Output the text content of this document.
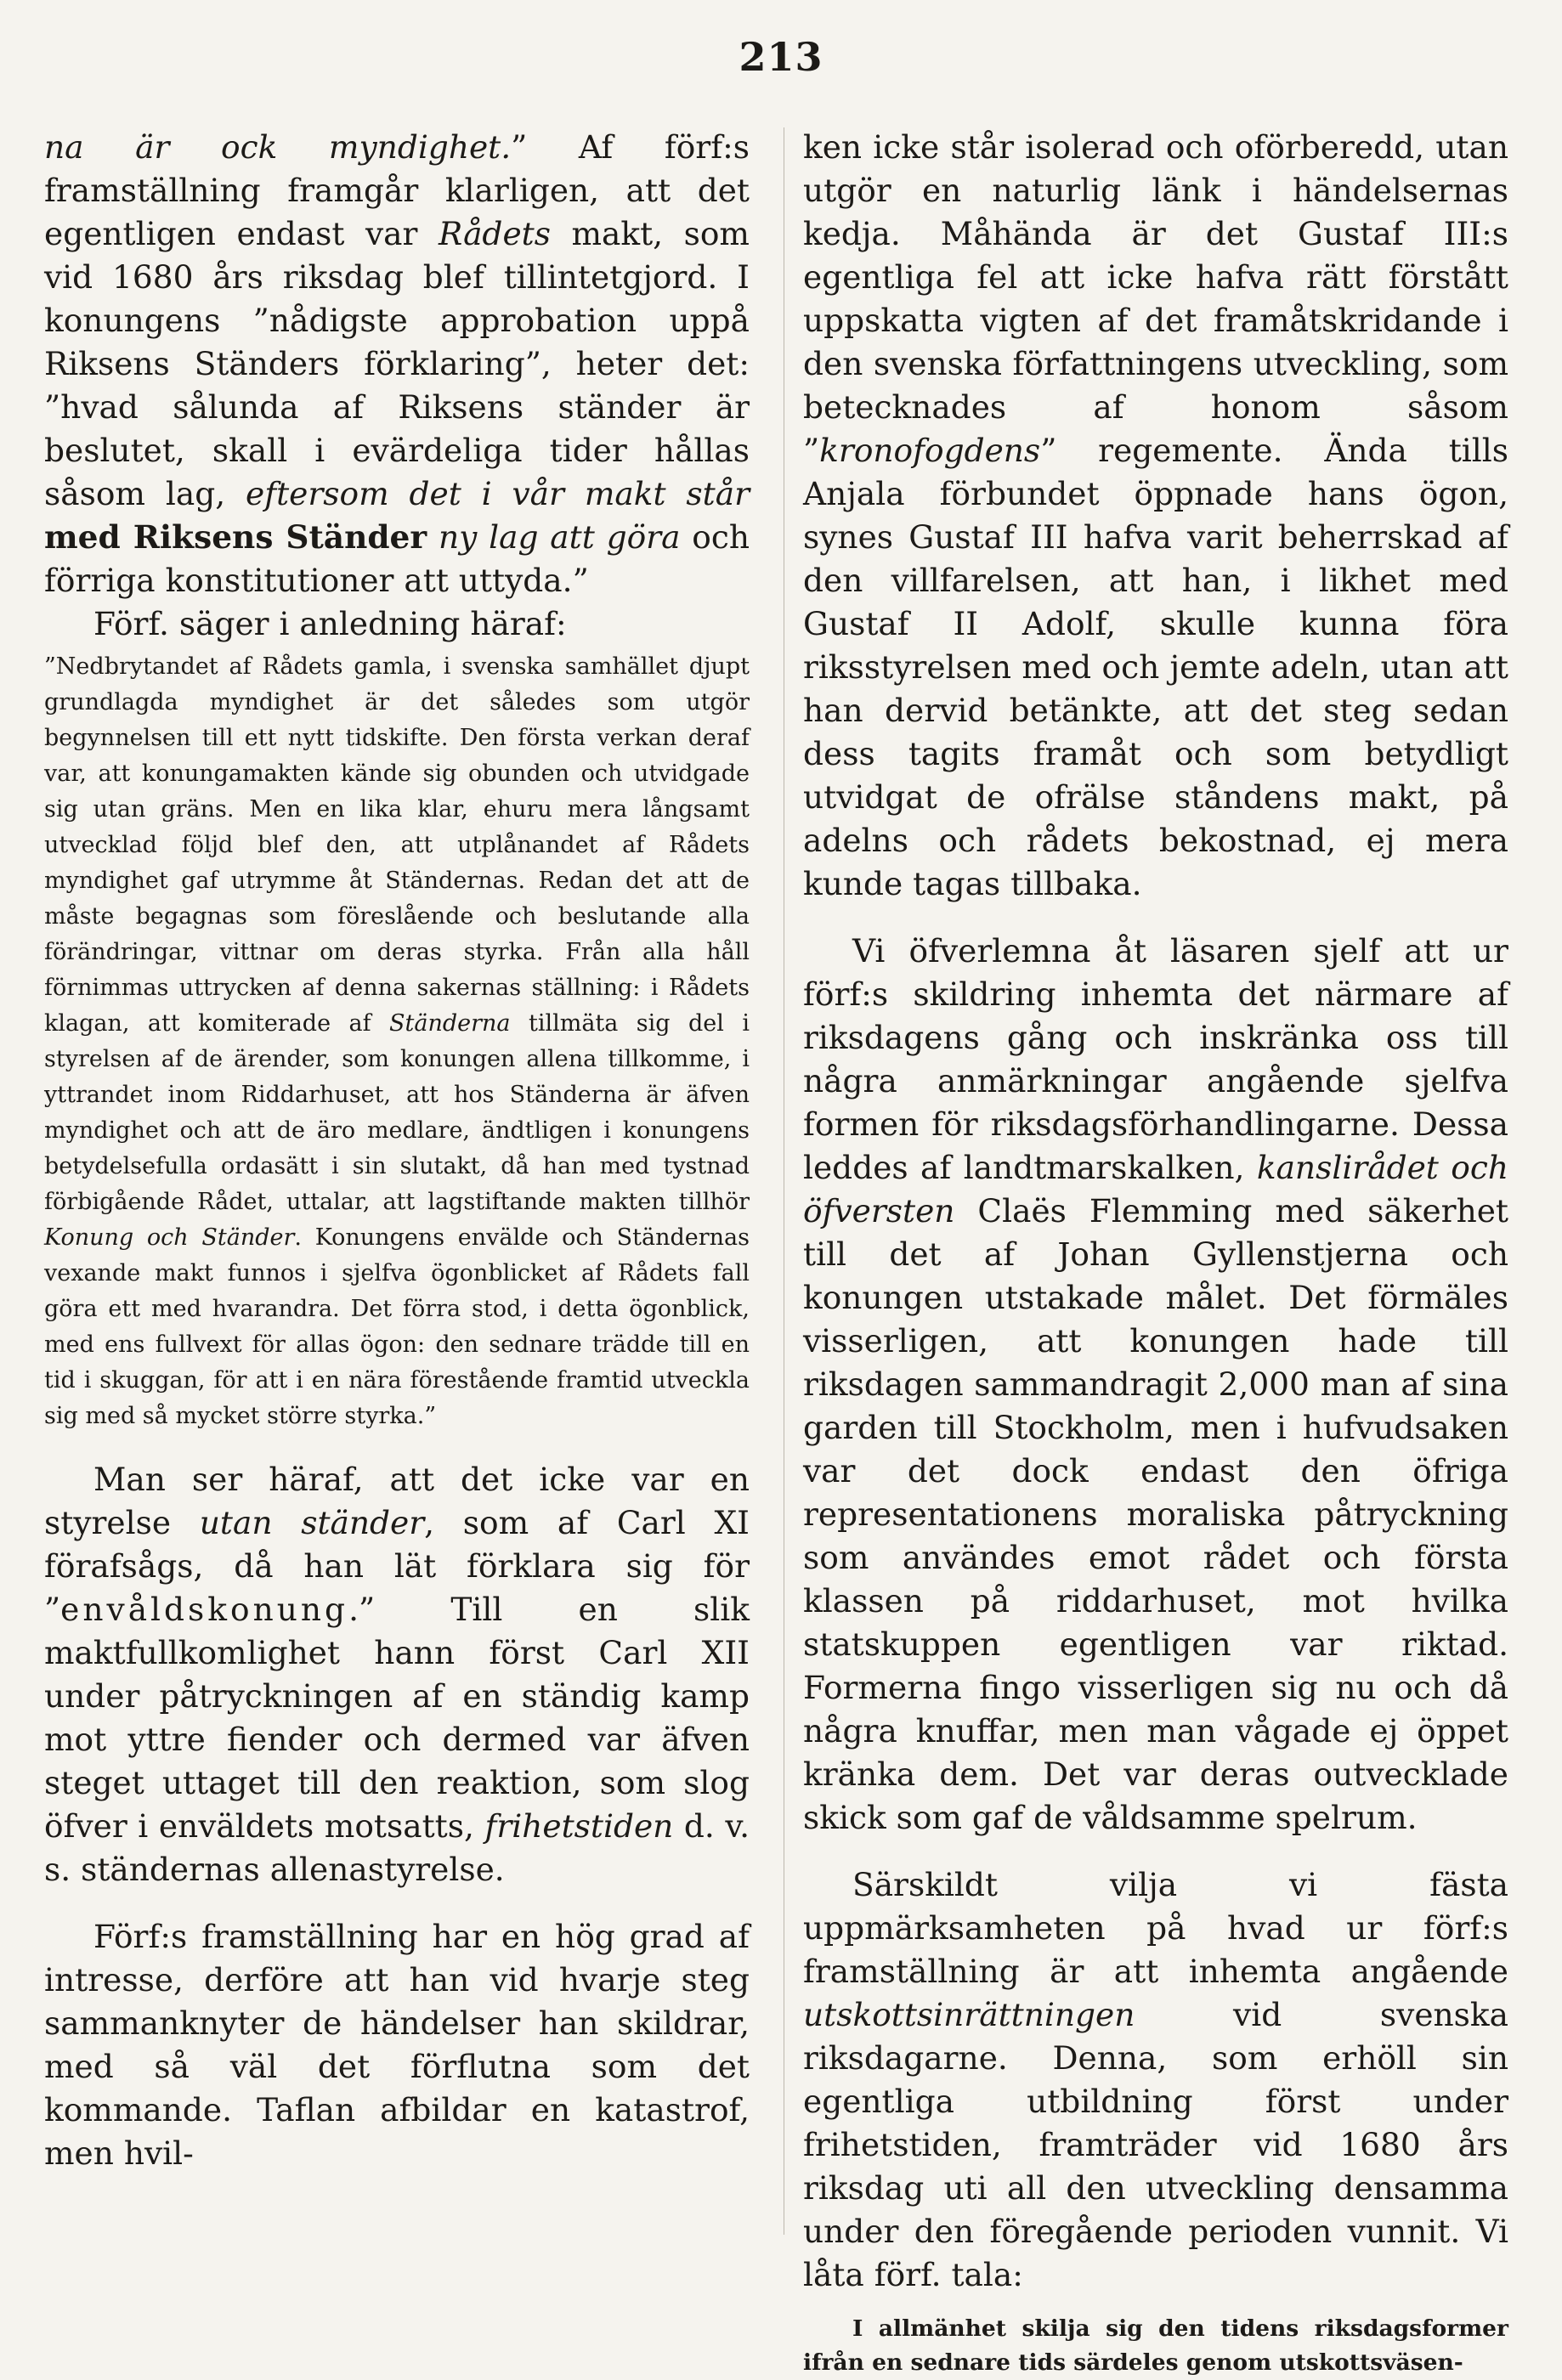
213

na är ock myndighet.” Af förf:s framställning framgår klarligen, att det egentligen endast var Rådets makt, som vid 1680 års riksdag blef tillintetgjord. I konungens ”nådigste approbation uppå Riksens Ständers förklaring”, heter det: ”hvad sålunda af Riksens ständer är beslutet, skall i evärdeliga tider hållas såsom lag, eftersom det i vår makt står med Riksens Ständer ny lag att göra och förriga konstitutioner att uttyda.”

Förf. säger i anledning häraf:

”Nedbrytandet af Rådets gamla, i svenska samhället djupt grundlagda myndighet är det således som utgör begynnelsen till ett nytt tidskifte. Den första verkan deraf var, att konungamakten kände sig obunden och utvidgade sig utan gräns. Men en lika klar, ehuru mera långsamt utvecklad följd blef den, att utplånandet af Rådets myndighet gaf utrymme åt Ständernas. Redan det att de måste begagnas som föreslående och beslutande alla förändringar, vittnar om deras styrka. Från alla håll förnimmas uttrycken af denna sakernas ställning: i Rådets klagan, att komiterade af Ständerna tillmäta sig del i styrelsen af de ärender, som konungen allena tillkomme, i yttrandet inom Riddarhuset, att hos Ständerna är äfven myndighet och att de äro medlare, ändtligen i konungens betydelsefulla ordasätt i sin slutakt, då han med tystnad förbigående Rådet, uttalar, att lagstiftande makten tillhör Konung och Ständer. Konungens envälde och Ständernas vexande makt funnos i sjelfva ögonblicket af Rådets fall göra ett med hvarandra. Det förra stod, i detta ögonblick, med ens fullvext för allas ögon: den sednare trädde till en tid i skuggan, för att i en nära förestående framtid utveckla sig med så mycket större styrka.”

Man ser häraf, att det icke var en styrelse utan ständer, som af Carl XI förafsågs, då han lät förklara sig för ”envåldskonung.” Till en slik maktfullkomlighet hann först Carl XII under påtryckningen af en ständig kamp mot yttre fiender och dermed var äfven steget uttaget till den reaktion, som slog öfver i enväldets motsatts, frihetstiden d. v. s. ständernas allenastyrelse.

Förf:s framställning har en hög grad af intresse, derföre att han vid hvarje steg sammanknyter de händelser han skildrar, med så väl det förflutna som det kommande. Taflan afbildar en katastrof, men hvil-

ken icke står isolerad och oförberedd, utan utgör en naturlig länk i händelsernas kedja. Måhända är det Gustaf III:s egentliga fel att icke hafva rätt förstått uppskatta vigten af det framåtskridande i den svenska författningens utveckling, som betecknades af honom såsom ”kronofogdens” regemente. Ända tills Anjala förbundet öppnade hans ögon, synes Gustaf III hafva varit beherrskad af den villfarelsen, att han, i likhet med Gustaf II Adolf, skulle kunna föra riksstyrelsen med och jemte adeln, utan att han dervid betänkte, att det steg sedan dess tagits framåt och som betydligt utvidgat de ofrälse ståndens makt, på adelns och rådets bekostnad, ej mera kunde tagas tillbaka.

Vi öfverlemna åt läsaren sjelf att ur förf:s skildring inhemta det närmare af riksdagens gång och inskränka oss till några anmärkningar angående sjelfva formen för riksdagsförhandlingarne. Dessa leddes af landtmarskalken, kanslirådet och öfversten Claës Flemming med säkerhet till det af Johan Gyllenstjerna och konungen utstakade målet. Det förmäles visserligen, att konungen hade till riksdagen sammandragit 2,000 man af sina garden till Stockholm, men i hufvudsaken var det dock endast den öfriga representationens moraliska påtryckning som användes emot rådet och första klassen på riddarhuset, mot hvilka statskuppen egentligen var riktad. Formerna fingo visserligen sig nu och då några knuffar, men man vågade ej öppet kränka dem. Det var deras outvecklade skick som gaf de våldsamme spelrum.

Särskildt vilja vi fästa uppmärksamheten på hvad ur förf:s framställning är att inhemta angående utskottsinrättningen vid svenska riksdagarne. Denna, som erhöll sin egentliga utbildning först under frihetstiden, framträder vid 1680 års riksdag uti all den utveckling densamma under den föregående perioden vunnit. Vi låta förf. tala:

I allmänhet skilja sig den tidens riksdagsformer ifrån en sednare tids särdeles genom utskottsväsen-
